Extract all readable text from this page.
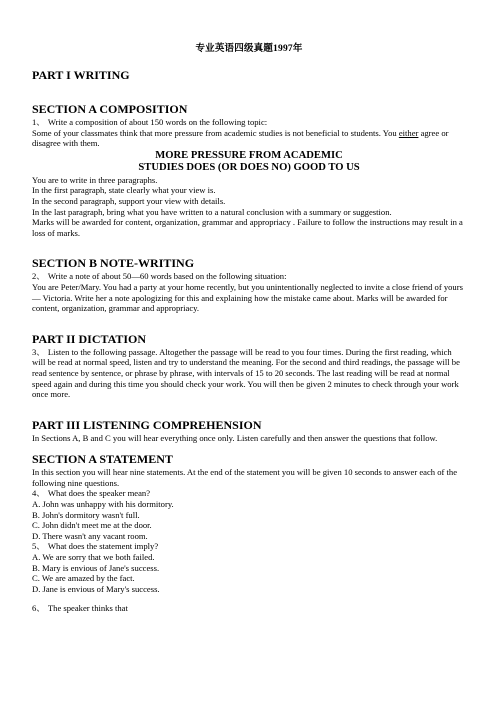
专业英语四级真题1997年
PART I WRITING
SECTION A COMPOSITION

1、 Write a composition of about 150 words on the following topic:

Some of your classmates think that more pressure from academic studies is not beneficial to students. You either agree or disagree with them.

MORE PRESSURE FROM ACADEMIC
STUDIES DOES (OR DOES NO) GOOD TO US

You are to write in three paragraphs.

In the first paragraph, state clearly what your view is.

In the second paragraph, support your view with details.

In the last paragraph, bring what you have written to a natural conclusion with a summary or suggestion.

Marks will be awarded for content, organization, grammar and appropriacy . Failure to follow the instructions may result in a loss of marks.

SECTION B NOTE-WRITING

2、 Write a note of about 50—60 words based on the following situation:

You are Peter/Mary. You had a party at your home recently, but you unintentionally neglected to invite a close friend of yours — Victoria. Write her a note apologizing for this and explaining how the mistake came about. Marks will be awarded for content, organization, grammar and appropriacy.

PART II DICTATION

3、 Listen to the following passage. Altogether the passage will be read to you four times. During the first reading, which will be read at normal speed, listen and try to understand the meaning. For the second and third readings, the passage will be read sentence by sentence, or phrase by phrase, with intervals of 15 to 20 seconds. The last reading will be read at normal speed again and during this time you should check your work. You will then be given 2 minutes to check through your work once more.

PART III LISTENING COMPREHENSION

In Sections A, B and C you will hear everything once only. Listen carefully and then answer the questions that follow.

SECTION A STATEMENT

In this section you will hear nine statements. At the end of the statement you will be given 10 seconds to answer each of the following nine questions.

4、 What does the speaker mean?

A. John was unhappy with his dormitory.

B. John's dormitory wasn't full.

C. John didn't meet me at the door.

D. There wasn't any vacant room.

5、 What does the statement imply?

A. We are sorry that we both failed.

B. Mary is envious of Jane's success.

C. We are amazed by the fact.

D. Jane is envious of Mary's success.

6、 The speaker thinks that
